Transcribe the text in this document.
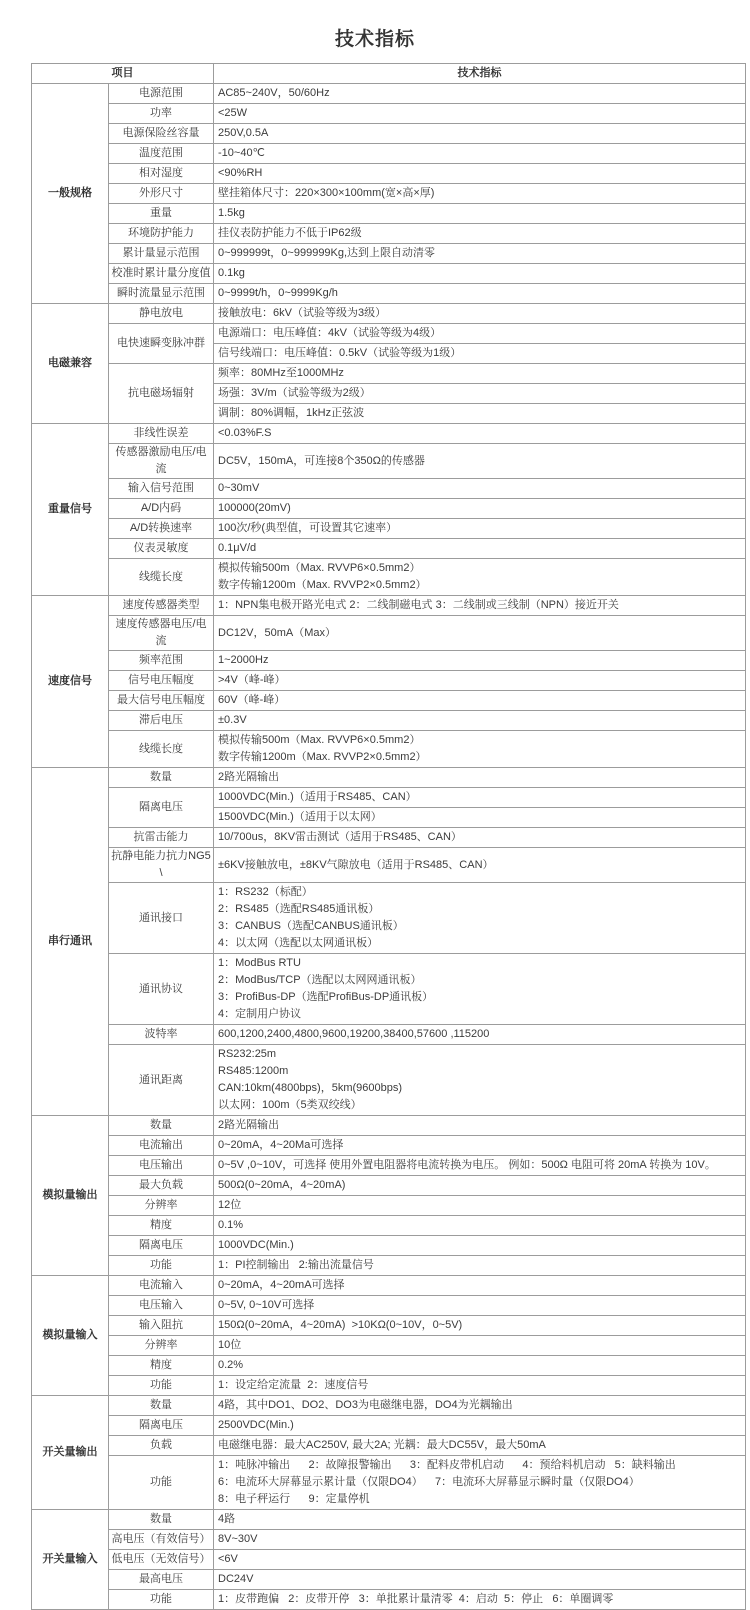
技术指标
项目		技术指标
一般规格	电源范围	AC85~240V，50/60Hz

	功率	<25W

	电源保险丝容量	250V,0.5A

	温度范围	-10~40℃

	相对湿度	<90%RH

	外形尺寸	壁挂箱体尺寸：220×300×100mm(宽×高×厚)

	重量	1.5kg

	环境防护能力	挂仪表防护能力不低于IP62级

	累计量显示范围	0~999999t，0~999999Kg,达到上限自动清零

	校准时累计量分度值	0.1kg

	瞬时流量显示范围	0~9999t/h，0~9999Kg/h

电磁兼容	静电放电	接触放电：6kV（试验等级为3级）

	电快速瞬变脉冲群	电源端口：电压峰值：4kV（试验等级为4级）

		信号线端口：电压峰值：0.5kV（试验等级为1级）

	抗电磁场辐射	频率：80MHz至1000MHz

		场强：3V/m（试验等级为2级）

		调制：80%调幅，1kHz正弦波

重量信号	非线性误差	<0.03%F.S

	传感器激励电压/电流	DC5V，150mA，可连接8个350Ω的传感器

	输入信号范围	0~30mV

	A/D内码	100000(20mV)

	A/D转换速率	100次/秒(典型值，可设置其它速率）

	仪表灵敏度	0.1μV/d

	线缆长度	模拟传输500m（Max. RVVP6×0.5mm2）
数字传输1200m（Max. RVVP2×0.5mm2）

速度信号	速度传感器类型	1：NPN集电极开路光电式 2：二线制磁电式 3：二线制或三线制（NPN）接近开关

	速度传感器电压/电流	DC12V，50mA（Max）

	频率范围	1~2000Hz

	信号电压幅度	>4V（峰-峰）

	最大信号电压幅度	60V（峰-峰）

	滞后电压	±0.3V

	线缆长度	模拟传输500m（Max. RVVP6×0.5mm2）
数字传输1200m（Max. RVVP2×0.5mm2）

串行通讯	数量	2路光隔输出

	隔离电压	1000VDC(Min.)（适用于RS485、CAN）

		1500VDC(Min.)（适用于以太网）

	抗雷击能力	10/700us，8KV雷击测试（适用于RS485、CAN）

	抗静电能力抗力NG5\	±6KV接触放电，±8KV气隙放电（适用于RS485、CAN）

	通讯接口	1：RS232（标配）
2：RS485（选配RS485通讯板）
3：CANBUS（选配CANBUS通讯板）
4：以太网（选配以太网通讯板）

	通讯协议	1：ModBus RTU
2：ModBus/TCP（选配以太网网通讯板）
3：ProfiBus-DP（选配ProfiBus-DP通讯板）
4：定制用户协议

	波特率	600,1200,2400,4800,9600,19200,38400,57600 ,115200

	通讯距离	RS232:25m
RS485:1200m
CAN:10km(4800bps)，5km(9600bps)
以太网：100m（5类双绞线）

模拟量输出	数量	2路光隔输出

	电流输出	0~20mA，4~20Ma可选择

	电压输出	0~5V ,0~10V，可选择 使用外置电阻器将电流转换为电压。 例如：500Ω 电阻可将 20mA 转换为 10V。

	最大负载	500Ω(0~20mA，4~20mA)

	分辨率	12位

	精度	0.1%

	隔离电压	1000VDC(Min.)

	功能	1：PI控制输出   2:输出流量信号

模拟量输入	电流输入	0~20mA，4~20mA可选择

	电压输入	0~5V, 0~10V可选择

	输入阻抗	150Ω(0~20mA，4~20mA)  >10KΩ(0~10V，0~5V)

	分辨率	10位

	精度	0.2%

	功能	1：设定给定流量  2：速度信号

开关量输出	数量	4路，其中DO1、DO2、DO3为电磁继电器，DO4为光耦输出

	隔离电压	2500VDC(Min.)

	负载	电磁继电器：最大AC250V, 最大2A; 光耦：最大DC55V，最大50mA

	功能	1：吨脉冲输出      2：故障报警输出      3：配料皮带机启动      4：预给料机启动   5：缺料输出
6：电流环大屏幕显示累计量（仅限DO4）    7：电流环大屏幕显示瞬时量（仅限DO4）
8：电子秤运行      9：定量停机

开关量输入	数量	4路

	高电压（有效信号）	8V~30V

	低电压（无效信号）	<6V

	最高电压	DC24V

	功能	1：皮带跑偏   2：皮带开停   3：单批累计量清零  4：启动  5：停止   6：单圈调零
